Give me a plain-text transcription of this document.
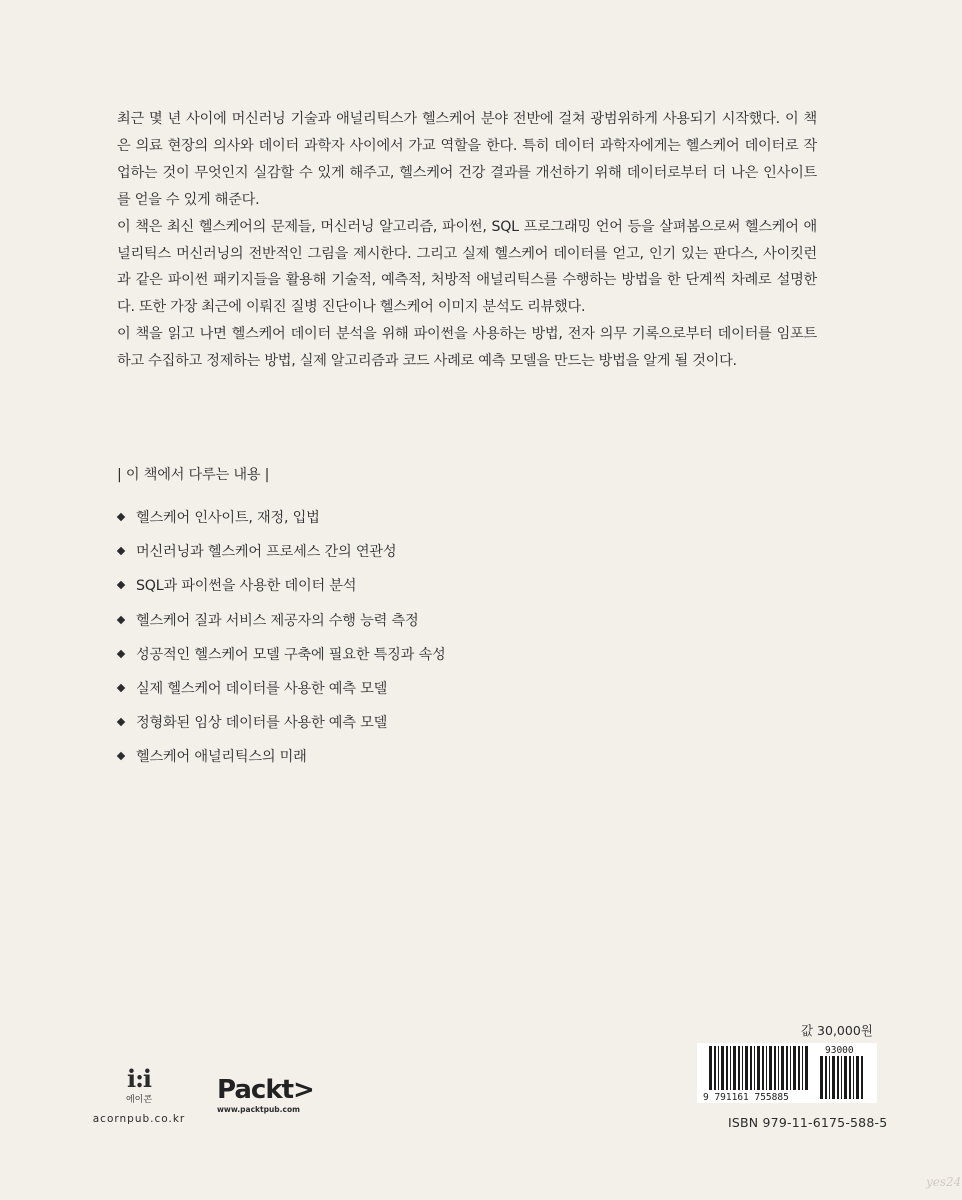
최근 몇 년 사이에 머신러닝 기술과 애널리틱스가 헬스케어 분야 전반에 걸쳐 광범위하게 사용되기 시작했다. 이 책은 의료 현장의 의사와 데이터 과학자 사이에서 가교 역할을 한다. 특히 데이터 과학자에게는 헬스케어 데이터로 작업하는 것이 무엇인지 실감할 수 있게 해주고, 헬스케어 건강 결과를 개선하기 위해 데이터로부터 더 나은 인사이트를 얻을 수 있게 해준다.

이 책은 최신 헬스케어의 문제들, 머신러닝 알고리즘, 파이썬, SQL 프로그래밍 언어 등을 살펴봄으로써 헬스케어 애널리틱스 머신러닝의 전반적인 그림을 제시한다. 그리고 실제 헬스케어 데이터를 얻고, 인기 있는 판다스, 사이킷런과 같은 파이썬 패키지들을 활용해 기술적, 예측적, 처방적 애널리틱스를 수행하는 방법을 한 단계씩 차례로 설명한다. 또한 가장 최근에 이뤄진 질병 진단이나 헬스케어 이미지 분석도 리뷰했다.

이 책을 읽고 나면 헬스케어 데이터 분석을 위해 파이썬을 사용하는 방법, 전자 의무 기록으로부터 데이터를 임포트하고 수집하고 정제하는 방법, 실제 알고리즘과 코드 사례로 예측 모델을 만드는 방법을 알게 될 것이다.

| 이 책에서 다루는 내용 |
헬스케어 인사이트, 재정, 입법
머신러닝과 헬스케어 프로세스 간의 연관성
SQL과 파이썬을 사용한 데이터 분석
헬스케어 질과 서비스 제공자의 수행 능력 측정
성공적인 헬스케어 모델 구축에 필요한 특징과 속성
실제 헬스케어 데이터를 사용한 예측 모델
정형화된 임상 데이터를 사용한 예측 모델
헬스케어 애널리틱스의 미래
값 30,000원
9 791161 755885
93000
ISBN 979-11-6175-588-5
i:i
에이콘
acornpub.co.kr
Packt>
www.packtpub.com
yes24
